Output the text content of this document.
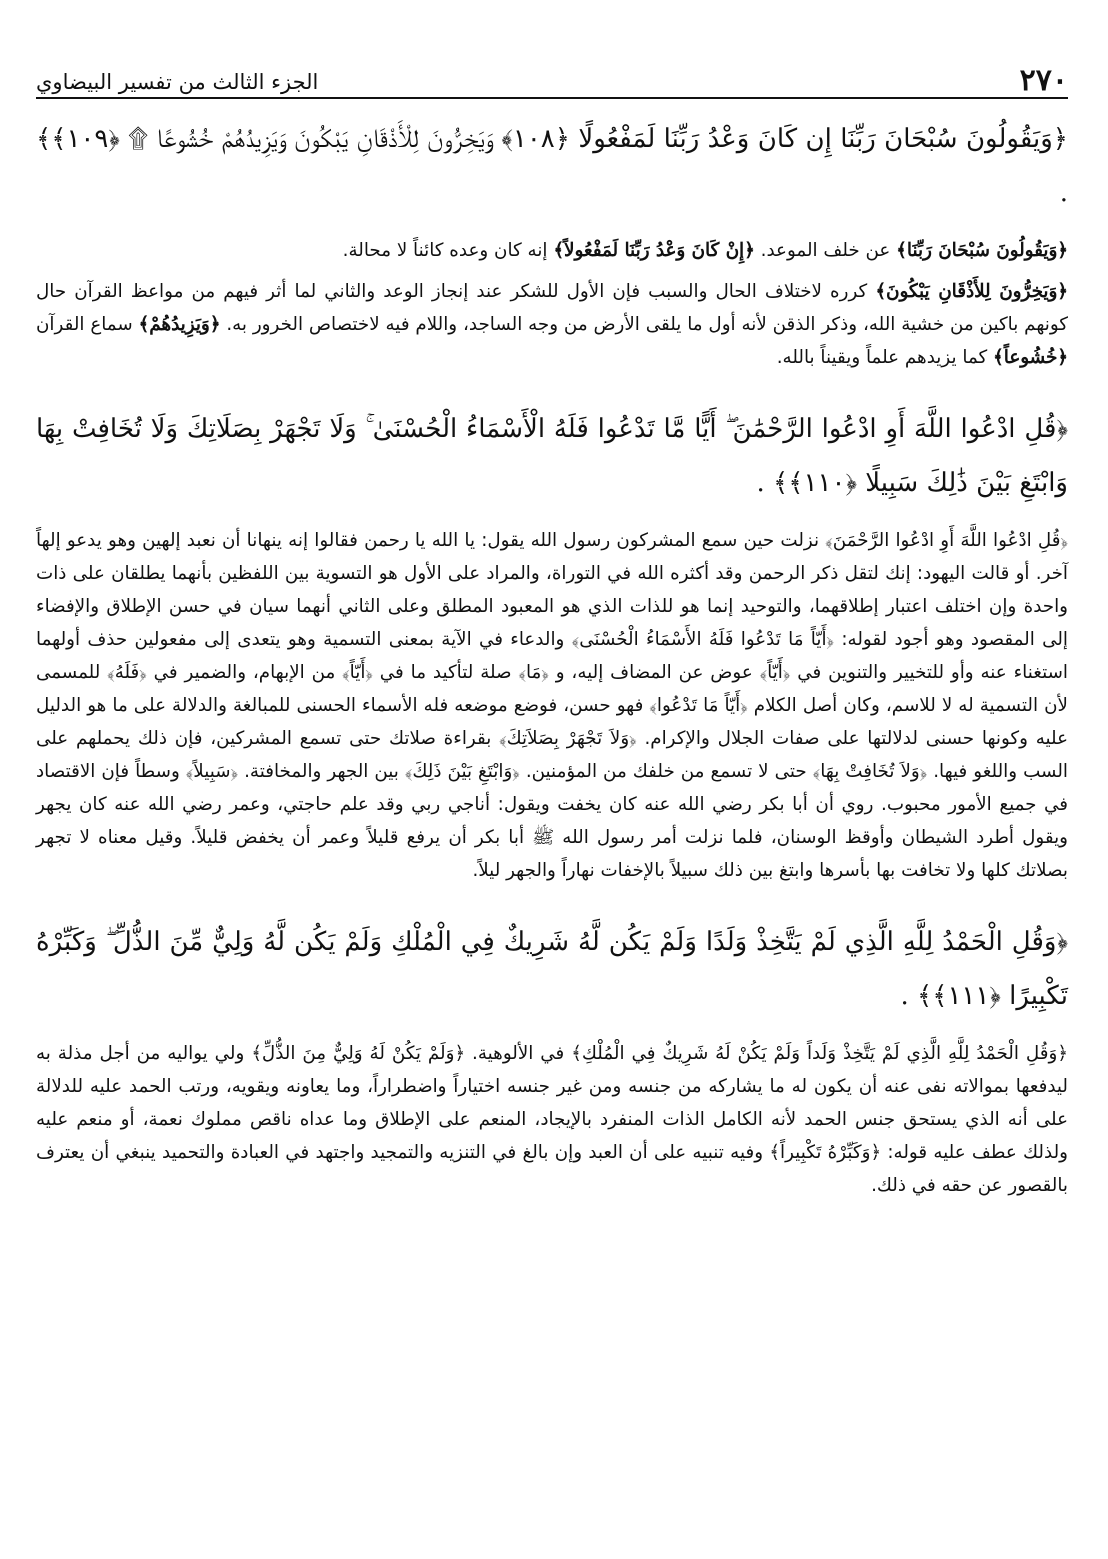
٢٧٠
الجزء الثالث من تفسير البيضاوي

﴿وَيَقُولُونَ سُبْحَانَ رَبِّنَا إِن كَانَ وَعْدُ رَبِّنَا لَمَفْعُولًا ﴿١٠٨﴾ وَيَخِرُّونَ لِلْأَذْقَانِ يَبْكُونَ وَيَزِيدُهُمْ خُشُوعًا ۩ ﴿١٠٩﴾﴾ .

﴿وَيَقُولُونَ سُبْحَانَ رَبِّنَا﴾ عن خلف الموعد. ﴿إِنْ كَانَ وَعْدُ رَبِّنَا لَمَفْعُولاً﴾ إنه كان وعده كائناً لا محالة.

﴿وَيَخِرُّونَ لِلأَذْقَانِ يَبْكُونَ﴾ كرره لاختلاف الحال والسبب فإن الأول للشكر عند إنجاز الوعد والثاني لما أثر فيهم من مواعظ القرآن حال كونهم باكين من خشية الله، وذكر الذقن لأنه أول ما يلقى الأرض من وجه الساجد، واللام فيه لاختصاص الخرور به. ﴿وَيَزِيدُهُمْ﴾ سماع القرآن ﴿خُشُوعاً﴾ كما يزيدهم علماً ويقيناً بالله.

﴿قُلِ ادْعُوا اللَّهَ أَوِ ادْعُوا الرَّحْمَٰنَ ۖ أَيًّا مَّا تَدْعُوا فَلَهُ الْأَسْمَاءُ الْحُسْنَىٰ ۚ وَلَا تَجْهَرْ بِصَلَاتِكَ وَلَا تُخَافِتْ بِهَا وَابْتَغِ بَيْنَ ذَٰلِكَ سَبِيلًا ﴿١١٠﴾﴾ .

﴿قُلِ ادْعُوا اللَّهَ أَوِ ادْعُوا الرَّحْمَنَ﴾ نزلت حين سمع المشركون رسول الله يقول: يا الله يا رحمن فقالوا إنه ينهانا أن نعبد إلهين وهو يدعو إلهاً آخر. أو قالت اليهود: إنك لتقل ذكر الرحمن وقد أكثره الله في التوراة، والمراد على الأول هو التسوية بين اللفظين بأنهما يطلقان على ذات واحدة وإن اختلف اعتبار إطلاقهما، والتوحيد إنما هو للذات الذي هو المعبود المطلق وعلى الثاني أنهما سيان في حسن الإطلاق والإفضاء إلى المقصود وهو أجود لقوله: ﴿أَيّاً مَا تَدْعُوا فَلَهُ الأَسْمَاءُ الْحُسْنَى﴾ والدعاء في الآية بمعنى التسمية وهو يتعدى إلى مفعولين حذف أولهما استغناء عنه وأو للتخيير والتنوين في ﴿أَيّاً﴾ عوض عن المضاف إليه، و ﴿مَا﴾ صلة لتأكيد ما في ﴿أَيّاً﴾ من الإبهام، والضمير في ﴿فَلَهُ﴾ للمسمى لأن التسمية له لا للاسم، وكان أصل الكلام ﴿أَيّاً مَا تَدْعُوا﴾ فهو حسن، فوضع موضعه فله الأسماء الحسنى للمبالغة والدلالة على ما هو الدليل عليه وكونها حسنى لدلالتها على صفات الجلال والإكرام. ﴿وَلاَ تَجْهَرْ بِصَلاَتِكَ﴾ بقراءة صلاتك حتى تسمع المشركين، فإن ذلك يحملهم على السب واللغو فيها. ﴿وَلاَ تُخَافِتْ بِهَا﴾ حتى لا تسمع من خلفك من المؤمنين. ﴿وَابْتَغِ بَيْنَ ذَلِكَ﴾ بين الجهر والمخافتة. ﴿سَبِيلاً﴾ وسطاً فإن الاقتصاد في جميع الأمور محبوب. روي أن أبا بكر رضي الله عنه كان يخفت ويقول: أناجي ربي وقد علم حاجتي، وعمر رضي الله عنه كان يجهر ويقول أطرد الشيطان وأوقظ الوسنان، فلما نزلت أمر رسول الله ﷺ أبا بكر أن يرفع قليلاً وعمر أن يخفض قليلاً. وقيل معناه لا تجهر بصلاتك كلها ولا تخافت بها بأسرها وابتغ بين ذلك سبيلاً بالإخفات نهاراً والجهر ليلاً.

﴿وَقُلِ الْحَمْدُ لِلَّهِ الَّذِي لَمْ يَتَّخِذْ وَلَدًا وَلَمْ يَكُن لَّهُ شَرِيكٌ فِي الْمُلْكِ وَلَمْ يَكُن لَّهُ وَلِيٌّ مِّنَ الذُّلِّ ۖ وَكَبِّرْهُ تَكْبِيرًا ﴿١١١﴾﴾ .

﴿وَقُلِ الْحَمْدُ لِلَّهِ الَّذِي لَمْ يَتَّخِذْ وَلَداً وَلَمْ يَكُنْ لَهُ شَرِيكٌ فِي الْمُلْكِ﴾ في الألوهية. ﴿وَلَمْ يَكُنْ لَهُ وَلِيٌّ مِنَ الذُّلِّ﴾ ولي يواليه من أجل مذلة به ليدفعها بموالاته نفى عنه أن يكون له ما يشاركه من جنسه ومن غير جنسه اختياراً واضطراراً، وما يعاونه ويقويه، ورتب الحمد عليه للدلالة على أنه الذي يستحق جنس الحمد لأنه الكامل الذات المنفرد بالإيجاد، المنعم على الإطلاق وما عداه ناقص مملوك نعمة، أو منعم عليه ولذلك عطف عليه قوله: ﴿وَكَبِّرْهُ تَكْبِيراً﴾ وفيه تنبيه على أن العبد وإن بالغ في التنزيه والتمجيد واجتهد في العبادة والتحميد ينبغي أن يعترف بالقصور عن حقه في ذلك.
